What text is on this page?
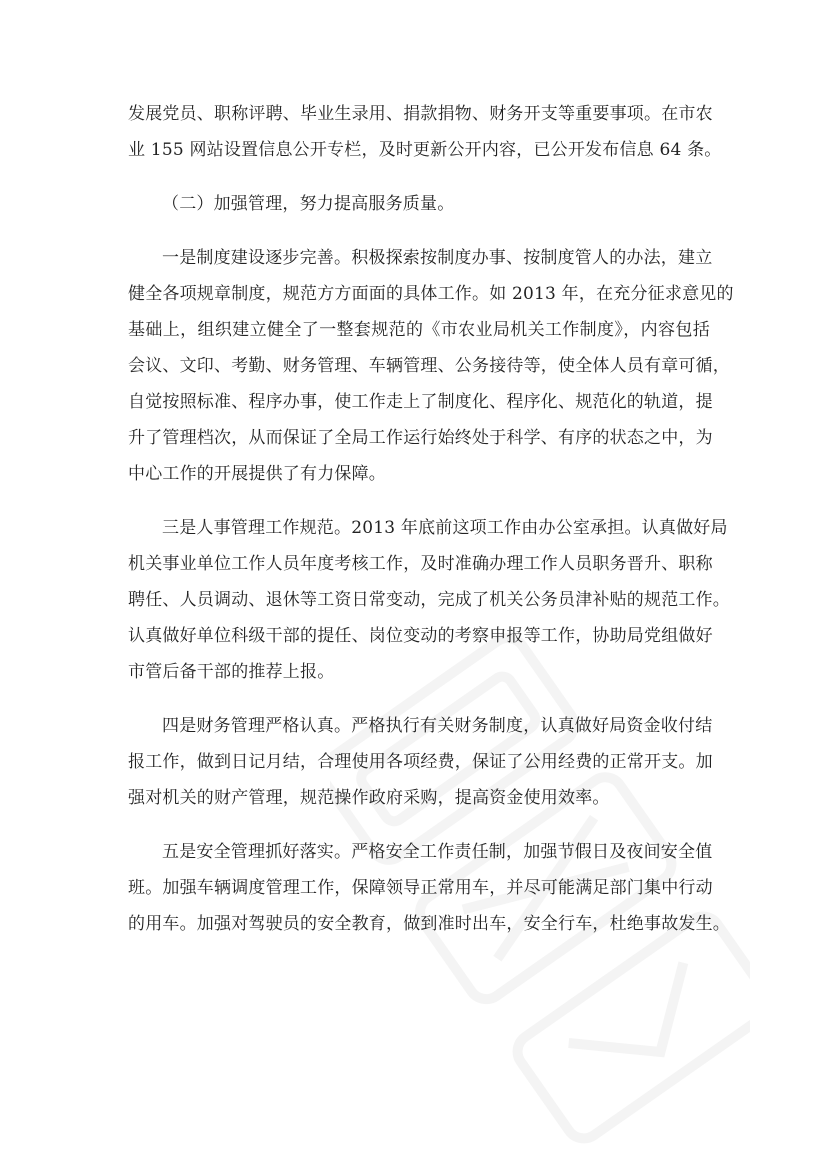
发展党员、职称评聘、毕业生录用、捐款捐物、财务开支等重要事项。在市农
业 155 网站设置信息公开专栏，及时更新公开内容，已公开发布信息 64 条。
（二）加强管理，努力提高服务质量。
一是制度建设逐步完善。积极探索按制度办事、按制度管人的办法，建立
健全各项规章制度，规范方方面面的具体工作。如 2013 年，在充分征求意见的
基础上，组织建立健全了一整套规范的《市农业局机关工作制度》，内容包括
会议、文印、考勤、财务管理、车辆管理、公务接待等，使全体人员有章可循，
自觉按照标准、程序办事，使工作走上了制度化、程序化、规范化的轨道，提
升了管理档次，从而保证了全局工作运行始终处于科学、有序的状态之中，为
中心工作的开展提供了有力保障。
三是人事管理工作规范。2013 年底前这项工作由办公室承担。认真做好局
机关事业单位工作人员年度考核工作，及时准确办理工作人员职务晋升、职称
聘任、人员调动、退休等工资日常变动，完成了机关公务员津补贴的规范工作。
认真做好单位科级干部的提任、岗位变动的考察申报等工作，协助局党组做好
市管后备干部的推荐上报。
四是财务管理严格认真。严格执行有关财务制度，认真做好局资金收付结
报工作，做到日记月结，合理使用各项经费，保证了公用经费的正常开支。加
强对机关的财产管理，规范操作政府采购，提高资金使用效率。
五是安全管理抓好落实。严格安全工作责任制，加强节假日及夜间安全值
班。加强车辆调度管理工作，保障领导正常用车，并尽可能满足部门集中行动
的用车。加强对驾驶员的安全教育，做到准时出车，安全行车，杜绝事故发生。
